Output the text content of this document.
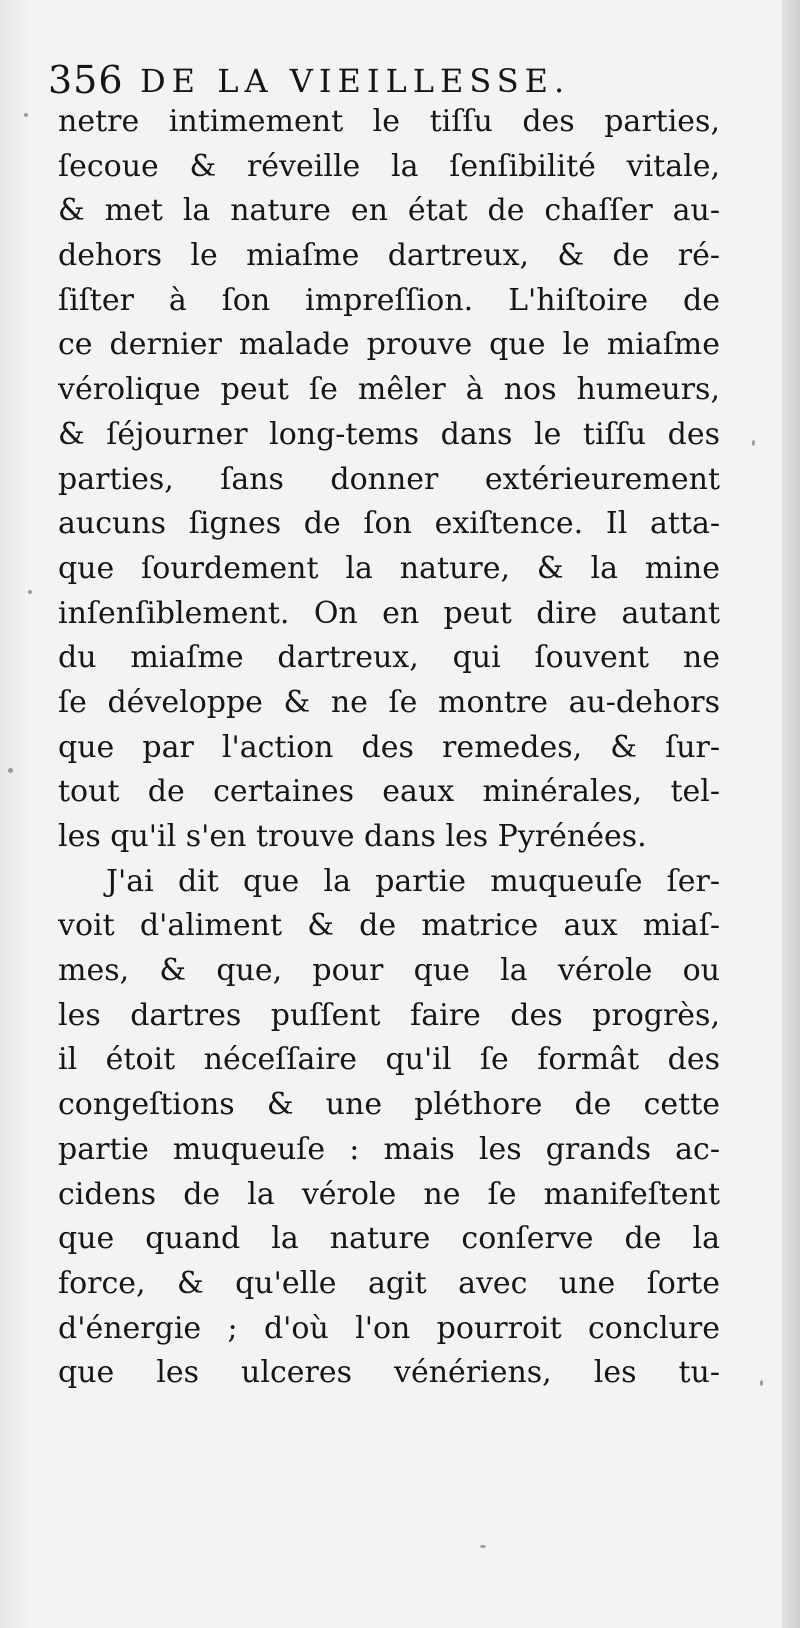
356 DE LA VIEILLESSE.
netre intimement le tiſſu des parties,
ſecoue & réveille la ſenſibilité vitale,
& met la nature en état de chaſſer au-
dehors le miaſme dartreux, & de ré-
ſiſter à ſon impreſſion. L'hiſtoire de
ce dernier malade prouve que le miaſme
vérolique peut ſe mêler à nos humeurs,
& ſéjourner long-tems dans le tiſſu des
parties, ſans donner extérieurement
aucuns ſignes de ſon exiſtence. Il atta-
que ſourdement la nature, & la mine
inſenſiblement. On en peut dire autant
du miaſme dartreux, qui ſouvent ne
ſe développe & ne ſe montre au-dehors
que par l'action des remedes, & ſur-
tout de certaines eaux minérales, tel-
les qu'il s'en trouve dans les Pyrénées.
J'ai dit que la partie muqueuſe ſer-
voit d'aliment & de matrice aux miaſ-
mes, & que, pour que la vérole ou
les dartres puſſent faire des progrès,
il étoit néceſſaire qu'il ſe formât des
congeſtions & une pléthore de cette
partie muqueuſe : mais les grands ac-
cidens de la vérole ne ſe manifeſtent
que quand la nature conſerve de la
force, & qu'elle agit avec une ſorte
d'énergie ; d'où l'on pourroit conclure
que les ulceres vénériens, les tu-
